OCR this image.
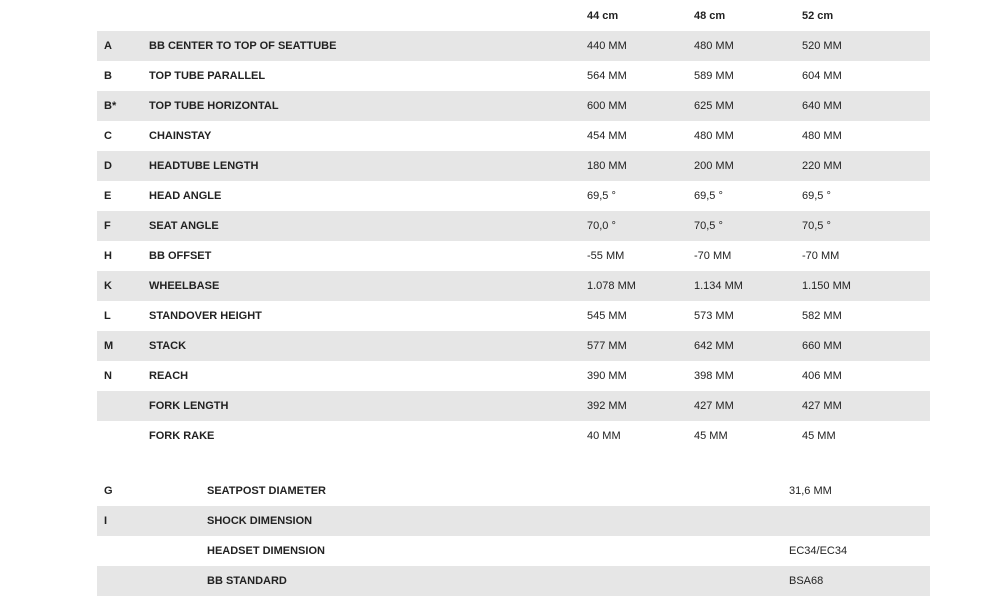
		44 cm	48 cm	52 cm
A	BB CENTER TO TOP OF SEATTUBE	440 MM	480 MM	520 MM
B	TOP TUBE PARALLEL	564 MM	589 MM	604 MM
B*	TOP TUBE HORIZONTAL	600 MM	625 MM	640 MM
C	CHAINSTAY	454 MM	480 MM	480 MM
D	HEADTUBE LENGTH	180 MM	200 MM	220 MM
E	HEAD ANGLE	69,5 °	69,5 °	69,5 °
F	SEAT ANGLE	70,0 °	70,5 °	70,5 °
H	BB OFFSET	-55 MM	-70 MM	-70 MM
K	WHEELBASE	1.078 MM	1.134 MM	1.150 MM
L	STANDOVER HEIGHT	545 MM	573 MM	582 MM
M	STACK	577 MM	642 MM	660 MM
N	REACH	390 MM	398 MM	406 MM
	FORK LENGTH	392 MM	427 MM	427 MM
	FORK RAKE	40 MM	45 MM	45 MM
G	SEATPOST DIAMETER	31,6 MM
I	SHOCK DIMENSION	
	HEADSET DIMENSION	EC34/EC34
	BB STANDARD	BSA68
